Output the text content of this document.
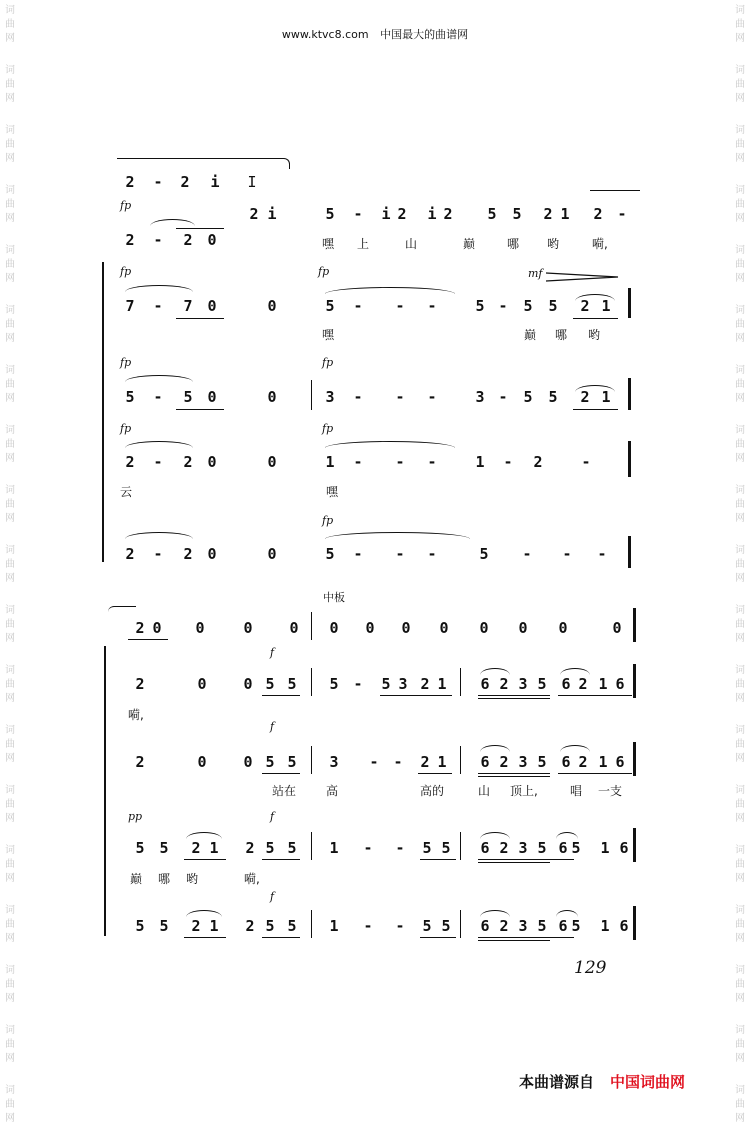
词
曲
网
词
曲
网
词
曲
网
词
曲
网
词
曲
网
词
曲
网
词
曲
网
词
曲
网
词
曲
网
词
曲
网
词
曲
网
词
曲
网
词
曲
网
词
曲
网
词
曲
网
词
曲
网
词
曲
网
词
曲
网
词
曲
网
词
曲
网
词
曲
网
词
曲
网
词
曲
网
词
曲
网
词
曲
网
词
曲
网
词
曲
网
词
曲
网
词
曲
网
词
曲
网
词
曲
网
词
曲
网
词
曲
网
词
曲
网
词
曲
网
词
曲
网
词
曲
网
词
曲
网
www.ktvc8.com 中国最大的曲谱网
2	-	2	i	I
fp	2 i	5	-	i 2	i 2	5	5	2 1	2 -
2	-	2 0	嘿 上	山	巅	哪 哟	嗬,
fp	fp	mf
7	-	7 0	0	5	-	-	-	5 -	5	5	2 1
嘿	巅 哪 哟
fp	fp
5	-	5 0	0	3	-	-	-	3 -	5	5	2 1
fp	fp
2	-	2 0	0	1	-	-	-	1	-	2	-
云	嘿
fp
2	-	2 0	0	5	-	-	-	5	-	-	-
中板
2 0	0	0	0	0	0	0	0	0	0	0	0
f
2	0	0 5 5	5 -	5 3 2 1	6 2 3 5 6 2 1 6
嗬,
f
2	0	0 5 5	3	- -	2 1	6 2 3 5 6 2 1 6
站在 高	高的	山 顶上,	唱 一支
pp	f
5 5	2 1	2 5 5	1	-	-	5 5	6 2 3 5 6 5	1 6
巅 哪 哟	嗬,
f
5 5	2 1	2 5 5	1	-	-	5 5	6 2 3 5 6 5	1 6
129
本曲谱源自 中国词曲网
